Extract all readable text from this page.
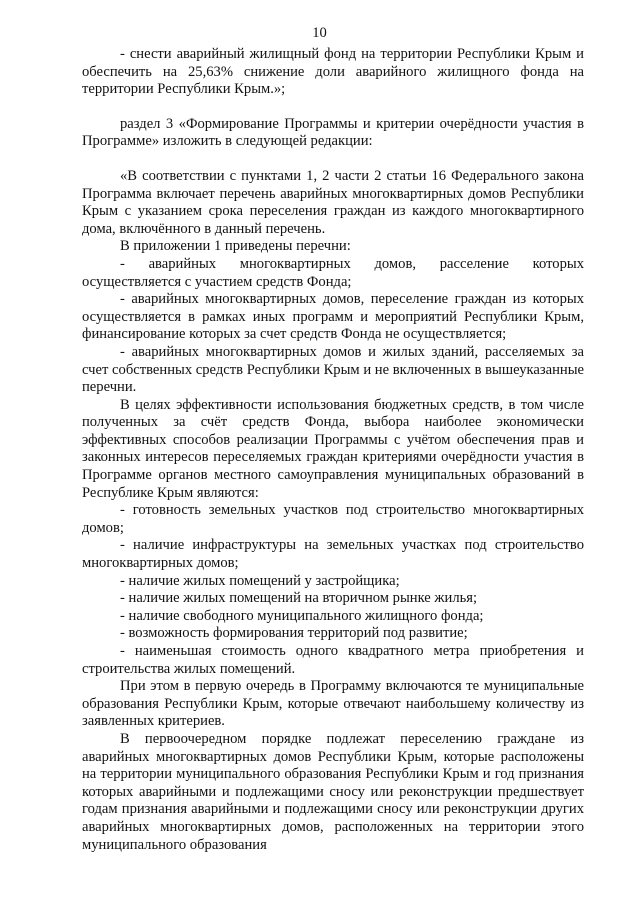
10

- снести аварийный жилищный фонд на территории Республики Крым и обеспечить на 25,63% снижение доли аварийного жилищного фонда на территории Республики Крым.»;

раздел 3 «Формирование Программы и критерии очерёдности участия в Программе» изложить в следующей редакции:

«В соответствии с пунктами 1, 2 части 2 статьи 16 Федерального закона Программа включает перечень аварийных многоквартирных домов Республики Крым с указанием срока переселения граждан из каждого многоквартирного дома, включённого в данный перечень.

В приложении 1 приведены перечни:

- аварийных многоквартирных домов, расселение которых осуществляется с участием средств Фонда;

- аварийных многоквартирных домов, переселение граждан из которых осуществляется в рамках иных программ и мероприятий Республики Крым, финансирование которых за счет средств Фонда не осуществляется;

- аварийных многоквартирных домов и жилых зданий, расселяемых за счет собственных средств Республики Крым и не включенных в вышеуказанные перечни.

В целях эффективности использования бюджетных средств, в том числе полученных за счёт средств Фонда, выбора наиболее экономически эффективных способов реализации Программы с учётом обеспечения прав и законных интересов переселяемых граждан критериями очерёдности участия в Программе органов местного самоуправления муниципальных образований в Республике Крым являются:

- готовность земельных участков под строительство многоквартирных домов;

- наличие инфраструктуры на земельных участках под строительство многоквартирных домов;

- наличие жилых помещений у застройщика;

- наличие жилых помещений на вторичном рынке жилья;

- наличие свободного муниципального жилищного фонда;

- возможность формирования территорий под развитие;

- наименьшая стоимость одного квадратного метра приобретения и строительства жилых помещений.

При этом в первую очередь в Программу включаются те муниципальные образования Республики Крым, которые отвечают наибольшему количеству из заявленных критериев.

В первоочередном порядке подлежат переселению граждане из аварийных многоквартирных домов Республики Крым, которые расположены на территории муниципального образования Республики Крым и год признания которых аварийными и подлежащими сносу или реконструкции предшествует годам признания аварийными и подлежащими сносу или реконструкции других аварийных многоквартирных домов, расположенных на территории этого муниципального образования
